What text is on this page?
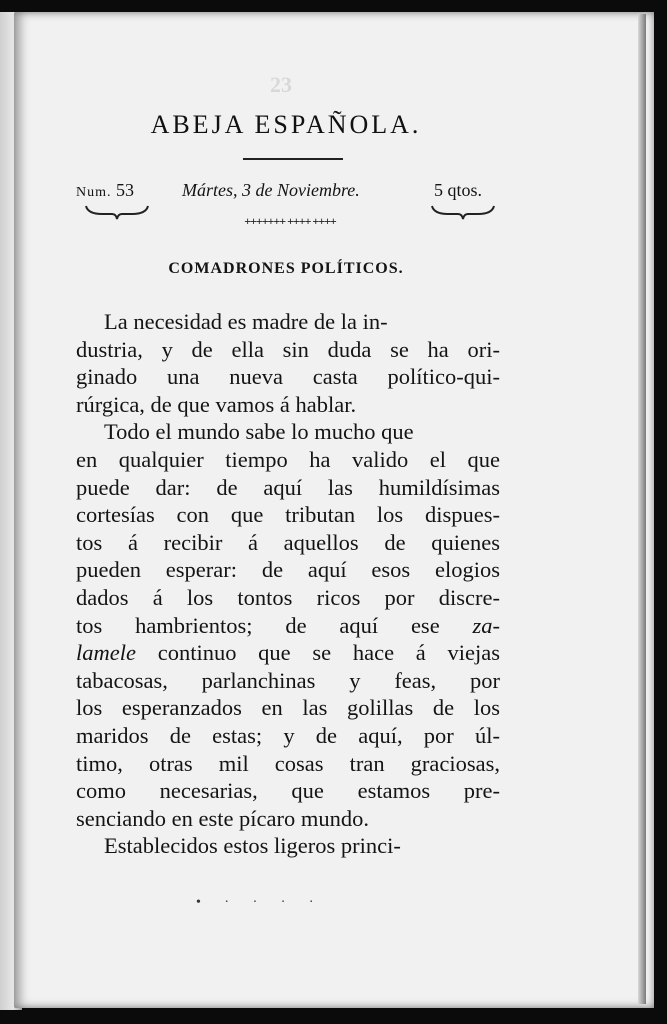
23
ABEJA ESPAÑOLA.
Num. 53	Mártes, 3 de Noviembre.	5 qtos.
+++++++ ++++ ++++
COMADRONES POLÍTICOS.
La necesidad es madre de la in-
dustria, y de ella sin duda se ha ori-
ginado una nueva casta político-qui-
rúrgica, de que vamos á hablar.
Todo el mundo sabe lo mucho que
en qualquier tiempo ha valido el que
puede dar: de aquí las humildísimas
cortesías con que tributan los dispues-
tos á recibir á aquellos de quienes
pueden esperar: de aquí esos elogios
dados á los tontos ricos por discre-
tos hambrientos; de aquí ese za-
lamele continuo que se hace á viejas
tabacosas, parlanchinas y feas, por
los esperanzados en las golillas de los
maridos de estas; y de aquí, por úl-
timo, otras mil cosas tran graciosas,
como necesarias, que estamos pre-
senciando en este pícaro mundo.
Establecidos estos ligeros princi-
• · · · ·
